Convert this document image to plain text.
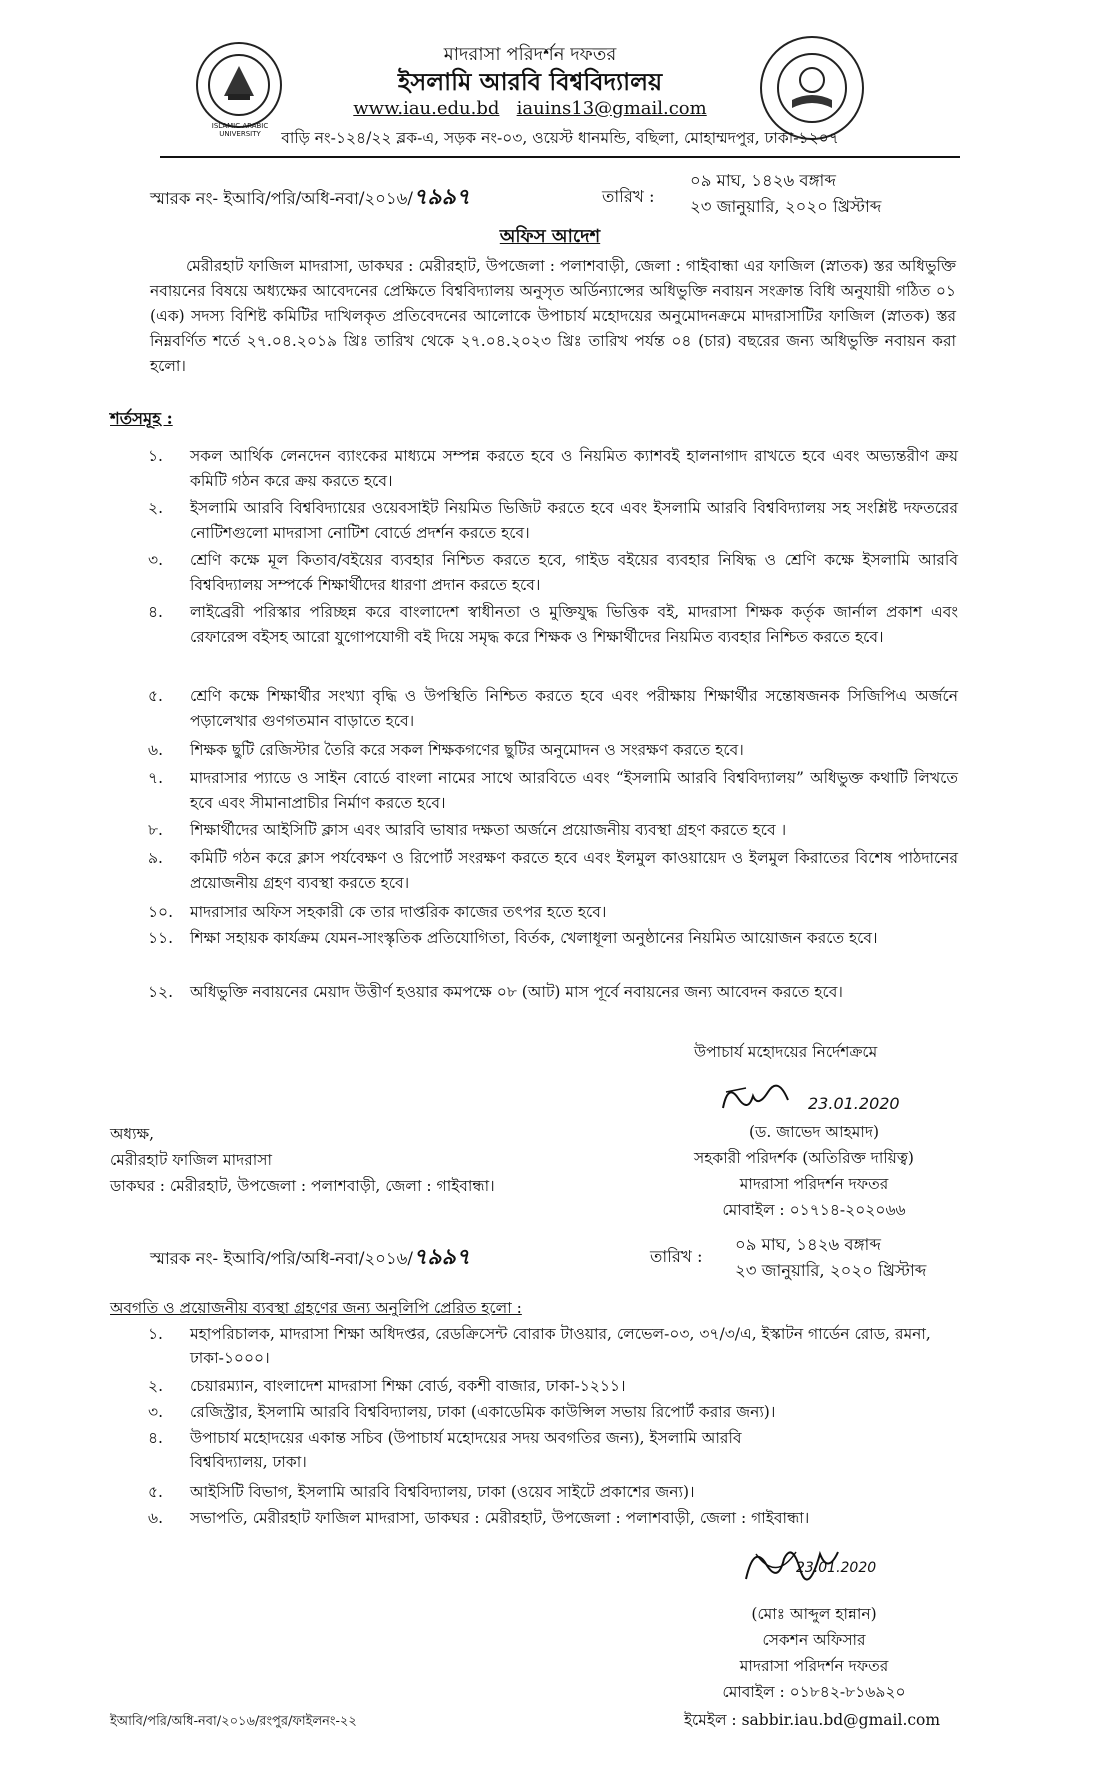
ISLAMIC ARABIC UNIVERSITY
মাদরাসা পরিদর্শন দফতর
ইসলামি আরবি বিশ্ববিদ্যালয়
www.iau.edu.bd iauins13@gmail.com
বাড়ি নং-১২৪/২২ ব্লক-এ, সড়ক নং-০৩, ওয়েস্ট ধানমন্ডি, বছিলা, মোহাম্মদপুর, ঢাকা-১২০৭
স্মারক নং- ইআবি/পরি/অধি-নবা/২০১৬/৭৯৯৭	তারিখ :
০৯ মাঘ, ১৪২৬ বঙ্গাব্দ
২৩ জানুয়ারি, ২০২০ খ্রিস্টাব্দ
অফিস আদেশ
মেরীরহাট ফাজিল মাদরাসা, ডাকঘর : মেরীরহাট, উপজেলা : পলাশবাড়ী, জেলা : গাইবান্ধা এর ফাজিল (স্নাতক) স্তর অধিভুক্তি নবায়নের বিষয়ে অধ্যক্ষের আবেদনের প্রেক্ষিতে বিশ্ববিদ্যালয় অনুসৃত অর্ডিন্যান্সের অধিভুক্তি নবায়ন সংক্রান্ত বিধি অনুযায়ী গঠিত ০১ (এক) সদস্য বিশিষ্ট কমিটির দাখিলকৃত প্রতিবেদনের আলোকে উপাচার্য মহোদয়ের অনুমোদনক্রমে মাদরাসাটির ফাজিল (স্নাতক) স্তর নিম্নবর্ণিত শর্তে ২৭.০৪.২০১৯ খ্রিঃ তারিখ থেকে ২৭.০৪.২০২৩ খ্রিঃ তারিখ পর্যন্ত ০৪ (চার) বছরের জন্য অধিভুক্তি নবায়ন করা হলো।
শর্তসমূহ :
১.	সকল আর্থিক লেনদেন ব্যাংকের মাধ্যমে সম্পন্ন করতে হবে ও নিয়মিত ক্যাশবই হালনাগাদ রাখতে হবে এবং অভ্যন্তরীণ ক্রয় কমিটি গঠন করে ক্রয় করতে হবে।
২.	ইসলামি আরবি বিশ্ববিদ্যায়ের ওয়েবসাইট নিয়মিত ভিজিট করতে হবে এবং ইসলামি আরবি বিশ্ববিদ্যালয় সহ সংশ্লিষ্ট দফতরের নোটিশগুলো মাদরাসা নোটিশ বোর্ডে প্রদর্শন করতে হবে।
৩.	শ্রেণি কক্ষে মূল কিতাব/বইয়ের ব্যবহার নিশ্চিত করতে হবে, গাইড বইয়ের ব্যবহার নিষিদ্ধ ও শ্রেণি কক্ষে ইসলামি আরবি বিশ্ববিদ্যালয় সম্পর্কে শিক্ষার্থীদের ধারণা প্রদান করতে হবে।
৪.	লাইব্রেরী পরিস্কার পরিচ্ছন্ন করে বাংলাদেশ স্বাধীনতা ও মুক্তিযুদ্ধ ভিত্তিক বই, মাদরাসা শিক্ষক কর্তৃক জার্নাল প্রকাশ এবং রেফারেন্স বইসহ আরো যুগোপযোগী বই দিয়ে সমৃদ্ধ করে শিক্ষক ও শিক্ষার্থীদের নিয়মিত ব্যবহার নিশ্চিত করতে হবে।
৫.	শ্রেণি কক্ষে শিক্ষার্থীর সংখ্যা বৃদ্ধি ও উপস্থিতি নিশ্চিত করতে হবে এবং পরীক্ষায় শিক্ষার্থীর সন্তোষজনক সিজিপিএ অর্জনে পড়ালেখার গুণগতমান বাড়াতে হবে।
৬.	শিক্ষক ছুটি রেজিস্টার তৈরি করে সকল শিক্ষকগণের ছুটির অনুমোদন ও সংরক্ষণ করতে হবে।
৭.	মাদরাসার প্যাডে ও সাইন বোর্ডে বাংলা নামের সাথে আরবিতে এবং “ইসলামি আরবি বিশ্ববিদ্যালয়” অধিভুক্ত কথাটি লিখতে হবে এবং সীমানাপ্রাচীর নির্মাণ করতে হবে।
৮.	শিক্ষার্থীদের আইসিটি ক্লাস এবং আরবি ভাষার দক্ষতা অর্জনে প্রয়োজনীয় ব্যবস্থা গ্রহণ করতে হবে ।
৯.	কমিটি গঠন করে ক্লাস পর্যবেক্ষণ ও রিপোর্ট সংরক্ষণ করতে হবে এবং ইলমুল কাওয়ায়েদ ও ইলমুল কিরাতের বিশেষ পাঠদানের প্রয়োজনীয় গ্রহণ ব্যবস্থা করতে হবে।
১০.	মাদরাসার অফিস সহকারী কে তার দাপ্তরিক কাজের তৎপর হতে হবে।
১১.	শিক্ষা সহায়ক কার্যক্রম যেমন-সাংস্কৃতিক প্রতিযোগিতা, বির্তক, খেলাধূলা অনুষ্ঠানের নিয়মিত আয়োজন করতে হবে।
১২.	অধিভুক্তি নবায়নের মেয়াদ উত্তীর্ণ হওয়ার কমপক্ষে ০৮ (আট) মাস পূর্বে নবায়নের জন্য আবেদন করতে হবে।
উপাচার্য মহোদয়ের নির্দেশক্রমে
23.01.2020
(ড. জাভেদ আহমাদ)
সহকারী পরিদর্শক (অতিরিক্ত দায়িত্ব)
মাদরাসা পরিদর্শন দফতর
মোবাইল : ০১৭১৪-২০২০৬৬
অধ্যক্ষ,
মেরীরহাট ফাজিল মাদরাসা
ডাকঘর : মেরীরহাট, উপজেলা : পলাশবাড়ী, জেলা : গাইবান্ধা।
স্মারক নং- ইআবি/পরি/অধি-নবা/২০১৬/৭৯৯৭	তারিখ :
০৯ মাঘ, ১৪২৬ বঙ্গাব্দ
২৩ জানুয়ারি, ২০২০ খ্রিস্টাব্দ
অবগতি ও প্রয়োজনীয় ব্যবস্থা গ্রহণের জন্য অনুলিপি প্রেরিত হলো :
১.	মহাপরিচালক, মাদরাসা শিক্ষা অধিদপ্তর, রেডক্রিসেন্ট বোরাক টাওয়ার, লেভেল-০৩, ৩৭/৩/এ, ইস্কাটন গার্ডেন রোড, রমনা, ঢাকা-১০০০।
২.	চেয়ারম্যান, বাংলাদেশ মাদরাসা শিক্ষা বোর্ড, বকশী বাজার, ঢাকা-১২১১।
৩.	রেজিস্ট্রার, ইসলামি আরবি বিশ্ববিদ্যালয়, ঢাকা (একাডেমিক কাউন্সিল সভায় রিপোর্ট করার জন্য)।
৪.	উপাচার্য মহোদয়ের একান্ত সচিব (উপাচার্য মহোদয়ের সদয় অবগতির জন্য), ইসলামি আরবি বিশ্ববিদ্যালয়, ঢাকা।
৫.	আইসিটি বিভাগ, ইসলামি আরবি বিশ্ববিদ্যালয়, ঢাকা (ওয়েব সাইটে প্রকাশের জন্য)।
৬.	সভাপতি, মেরীরহাট ফাজিল মাদরাসা, ডাকঘর : মেরীরহাট, উপজেলা : পলাশবাড়ী, জেলা : গাইবান্ধা।
23.01.2020
(মোঃ আব্দুল হান্নান)
সেকশন অফিসার
মাদরাসা পরিদর্শন দফতর
মোবাইল : ০১৮৪২-৮১৬৯২০
ইমেইল : sabbir.iau.bd@gmail.com
ইআবি/পরি/অধি-নবা/২০১৬/রংপুর/ফাইলনং-২২
